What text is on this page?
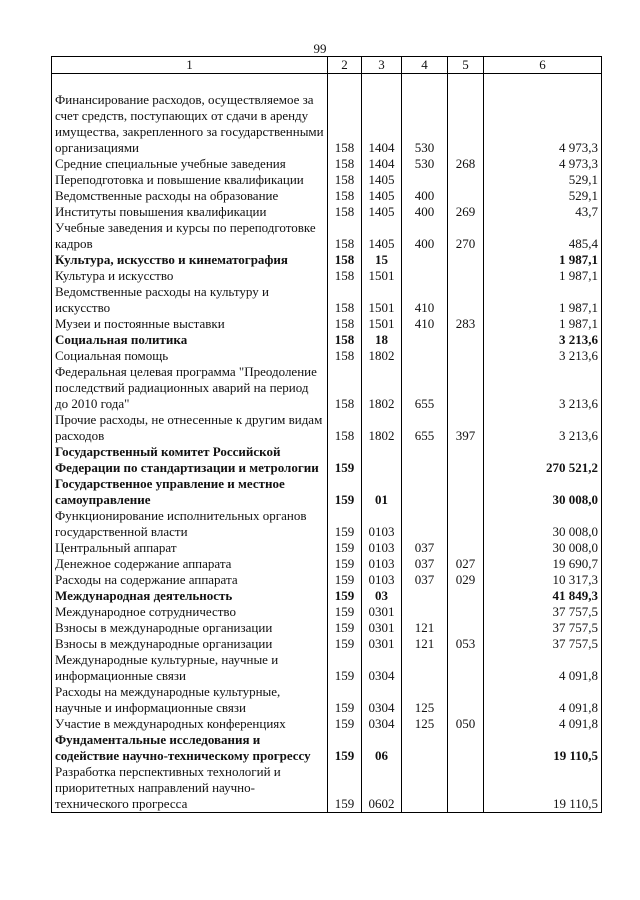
99
1	2	3	4	5	6

Финансирование расходов, осуществляемое за счет средств, поступающих от сдачи в аренду имущества, закрепленного за государственными организациями	158	1404	530		4 973,3
Средние специальные учебные заведения	158	1404	530	268	4 973,3
Переподготовка и повышение квалификации	158	1405			529,1
Ведомственные расходы на образование	158	1405	400		529,1
Институты повышения квалификации	158	1405	400	269	43,7
Учебные заведения и курсы по переподготовке кадров	158	1405	400	270	485,4
Культура, искусство и кинематография	158	15			1 987,1
Культура и искусство	158	1501			1 987,1
Ведомственные расходы на культуру и искусство	158	1501	410		1 987,1
Музеи и постоянные выставки	158	1501	410	283	1 987,1
Социальная политика	158	18			3 213,6
Социальная помощь	158	1802			3 213,6
Федеральная целевая программа "Преодоление последствий радиационных аварий на период до 2010 года"	158	1802	655		3 213,6
Прочие расходы, не отнесенные к другим видам расходов	158	1802	655	397	3 213,6
Государственный комитет Российской Федерации по стандартизации и метрологии	159				270 521,2
Государственное управление и местное самоуправление	159	01			30 008,0
Функционирование исполнительных органов государственной власти	159	0103			30 008,0
Центральный аппарат	159	0103	037		30 008,0
Денежное содержание аппарата	159	0103	037	027	19 690,7
Расходы на содержание аппарата	159	0103	037	029	10 317,3
Международная деятельность	159	03			41 849,3
Международное сотрудничество	159	0301			37 757,5
Взносы в международные организации	159	0301	121		37 757,5
Взносы в международные организации	159	0301	121	053	37 757,5
Международные культурные, научные и информационные связи	159	0304			4 091,8
Расходы на международные культурные, научные и информационные связи	159	0304	125		4 091,8
Участие в международных конференциях	159	0304	125	050	4 091,8
Фундаментальные исследования и содействие научно-техническому прогрессу	159	06			19 110,5
Разработка перспективных технологий и приоритетных направлений научно-технического прогресса	159	0602			19 110,5
